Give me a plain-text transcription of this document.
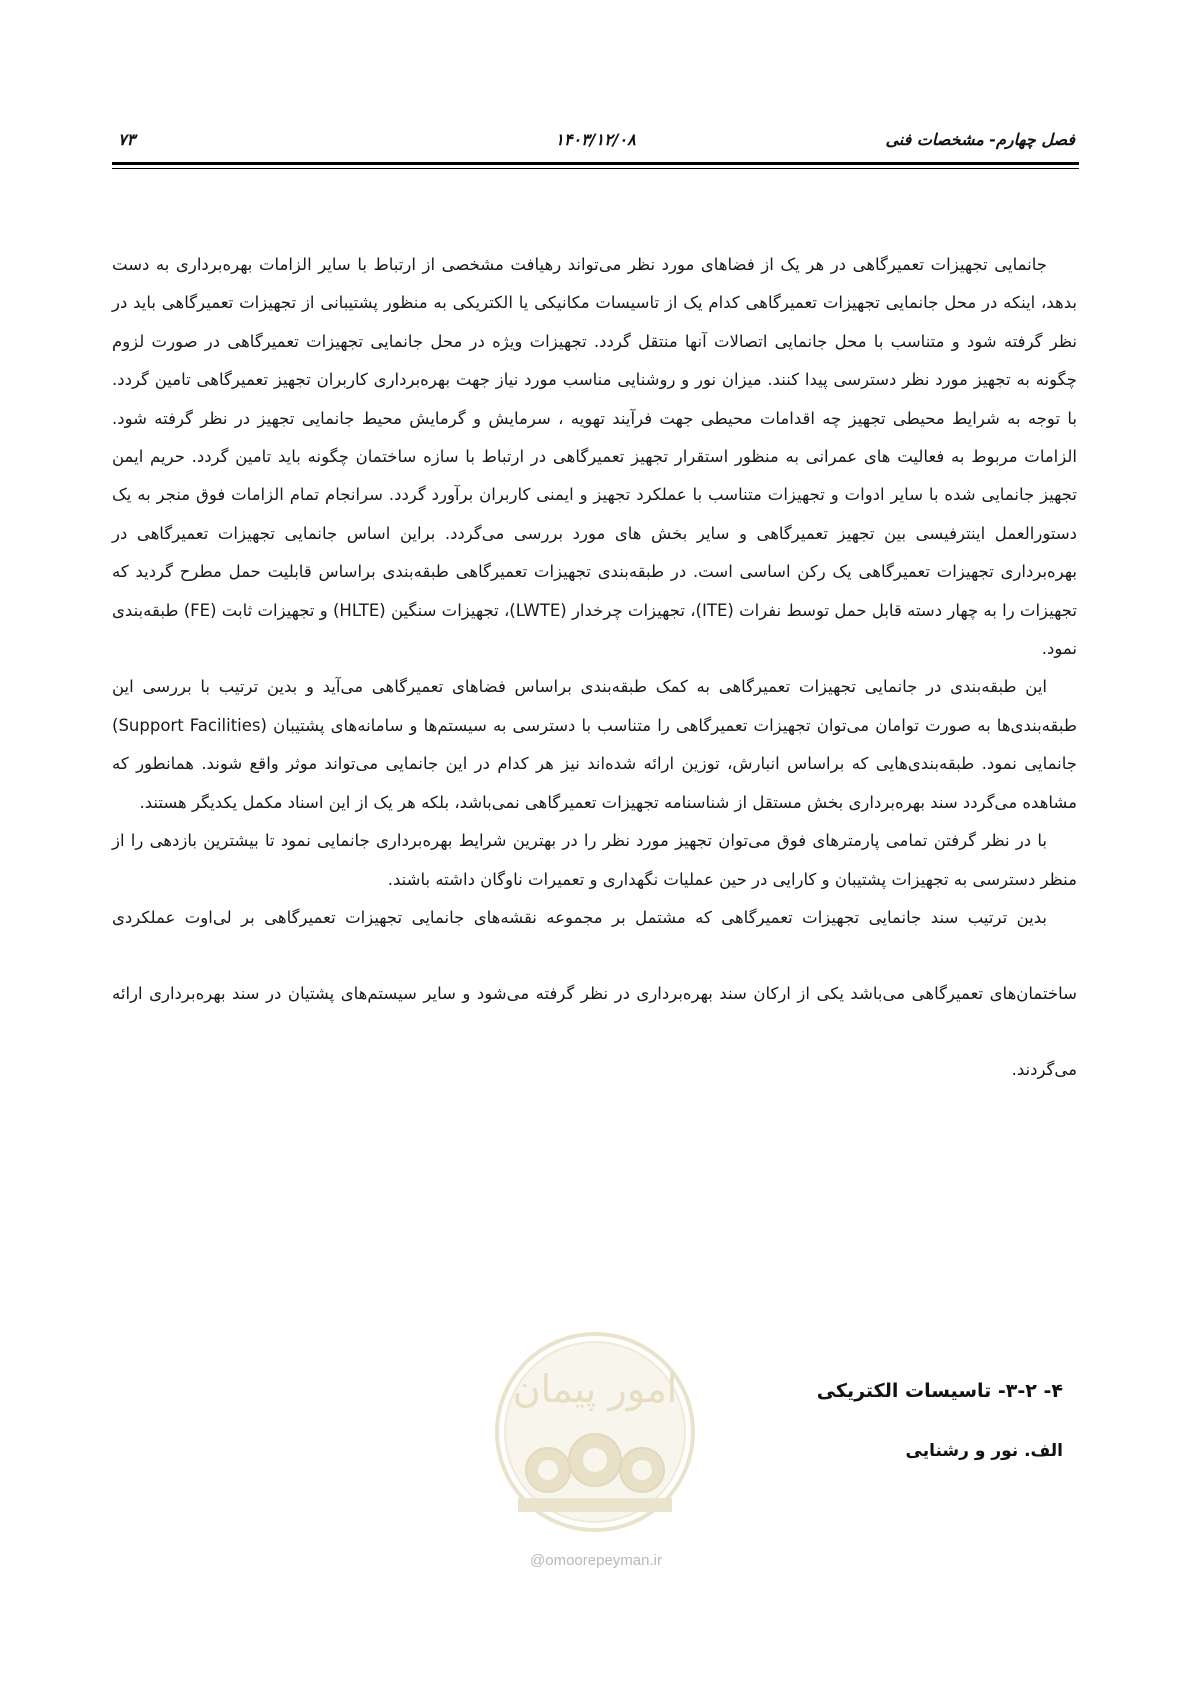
فصل چهارم- مشخصات فنی
۱۴۰۳/۱۲/۰۸
۷۳

جانمایی تجهیزات تعمیرگاهی در هر یک از فضاهای مورد نظر می‌تواند رهیافت مشخصی از ارتباط با سایر الزامات بهره‌برداری به دست بدهد، اینکه در محل جانمایی تجهیزات تعمیرگاهی کدام یک از تاسیسات مکانیکی یا الکتریکی به منظور پشتیبانی از تجهیزات تعمیرگاهی باید در نظر گرفته شود و متناسب با محل جانمایی اتصالات آنها منتقل گردد. تجهیزات ویژه در محل جانمایی تجهیزات تعمیرگاهی در صورت لزوم چگونه به تجهیز مورد نظر دسترسی پیدا کنند. میزان نور و روشنایی مناسب مورد نیاز جهت بهره‌برداری کاربران تجهیز تعمیرگاهی تامین گردد. با توجه به شرایط محیطی تجهیز چه اقدامات محیطی جهت فرآیند تهویه ، سرمایش و گرمایش محیط جانمایی تجهیز در نظر گرفته شود. الزامات مربوط به فعالیت های عمرانی به منظور استقرار تجهیز تعمیرگاهی در ارتباط با سازه ساختمان چگونه باید تامین گردد. حریم ایمن تجهیز جانمایی شده با سایر ادوات و تجهیزات متناسب با عملکرد تجهیز و ایمنی کاربران برآورد گردد. سرانجام تمام الزامات فوق منجر به یک دستورالعمل اینترفیسی بین تجهیز تعمیرگاهی و سایر بخش های مورد بررسی می‌گردد. براین اساس جانمایی تجهیزات تعمیرگاهی در بهره‌برداری تجهیزات تعمیرگاهی یک رکن اساسی است. در طبقه‌بندی تجهیزات تعمیرگاهی طبقه‌بندی براساس قابلیت حمل مطرح گردید که تجهیزات را به چهار دسته قابل حمل توسط نفرات (ITE)، تجهیزات چرخدار (LWTE)، تجهیزات سنگین (HLTE) و تجهیزات ثابت (FE) طبقه‌بندی نمود.

این طبقه‌بندی در جانمایی تجهیزات تعمیرگاهی به کمک طبقه‌بندی براساس فضاهای تعمیرگاهی می‌آید و بدین ترتیب با بررسی این طبقه‌بندی‌ها به صورت توامان می‌توان تجهیزات تعمیرگاهی را متناسب با دسترسی به سیستم‌ها و سامانه‌های پشتیبان (Support Facilities) جانمایی نمود. طبقه‌بندی‌هایی که براساس انبارش، توزین ارائه شده‌اند نیز هر کدام در این جانمایی می‌تواند موثر واقع شوند. همانطور که مشاهده می‌گردد سند بهره‌برداری بخش مستقل از شناسنامه تجهیزات تعمیرگاهی نمی‌باشد، بلکه هر یک از این اسناد مکمل یکدیگر هستند.

با در نظر گرفتن تمامی پارمترهای فوق می‌توان تجهیز مورد نظر را در بهترین شرایط بهره‌برداری جانمایی نمود تا بیشترین بازدهی را از منظر دسترسی به تجهیزات پشتیبان و کارایی در حین عملیات نگهداری و تعمیرات ناوگان داشته باشند.

بدین ترتیب سند جانمایی تجهیزات تعمیرگاهی که مشتمل بر مجموعه نقشه‌های جانمایی تجهیزات تعمیرگاهی بر لی‌اوت عملکردی ساختمان‌های تعمیرگاهی می‌باشد یکی از ارکان سند بهره‌برداری در نظر گرفته می‌شود و سایر سیستم‌های پشتیان در سند بهره‌برداری ارائه می‌گردند.

۴- ۳-۲- تاسیسات الکتریکی
الف. نور و رشنایی
امور پیمان
@omoorepeyman.ir
